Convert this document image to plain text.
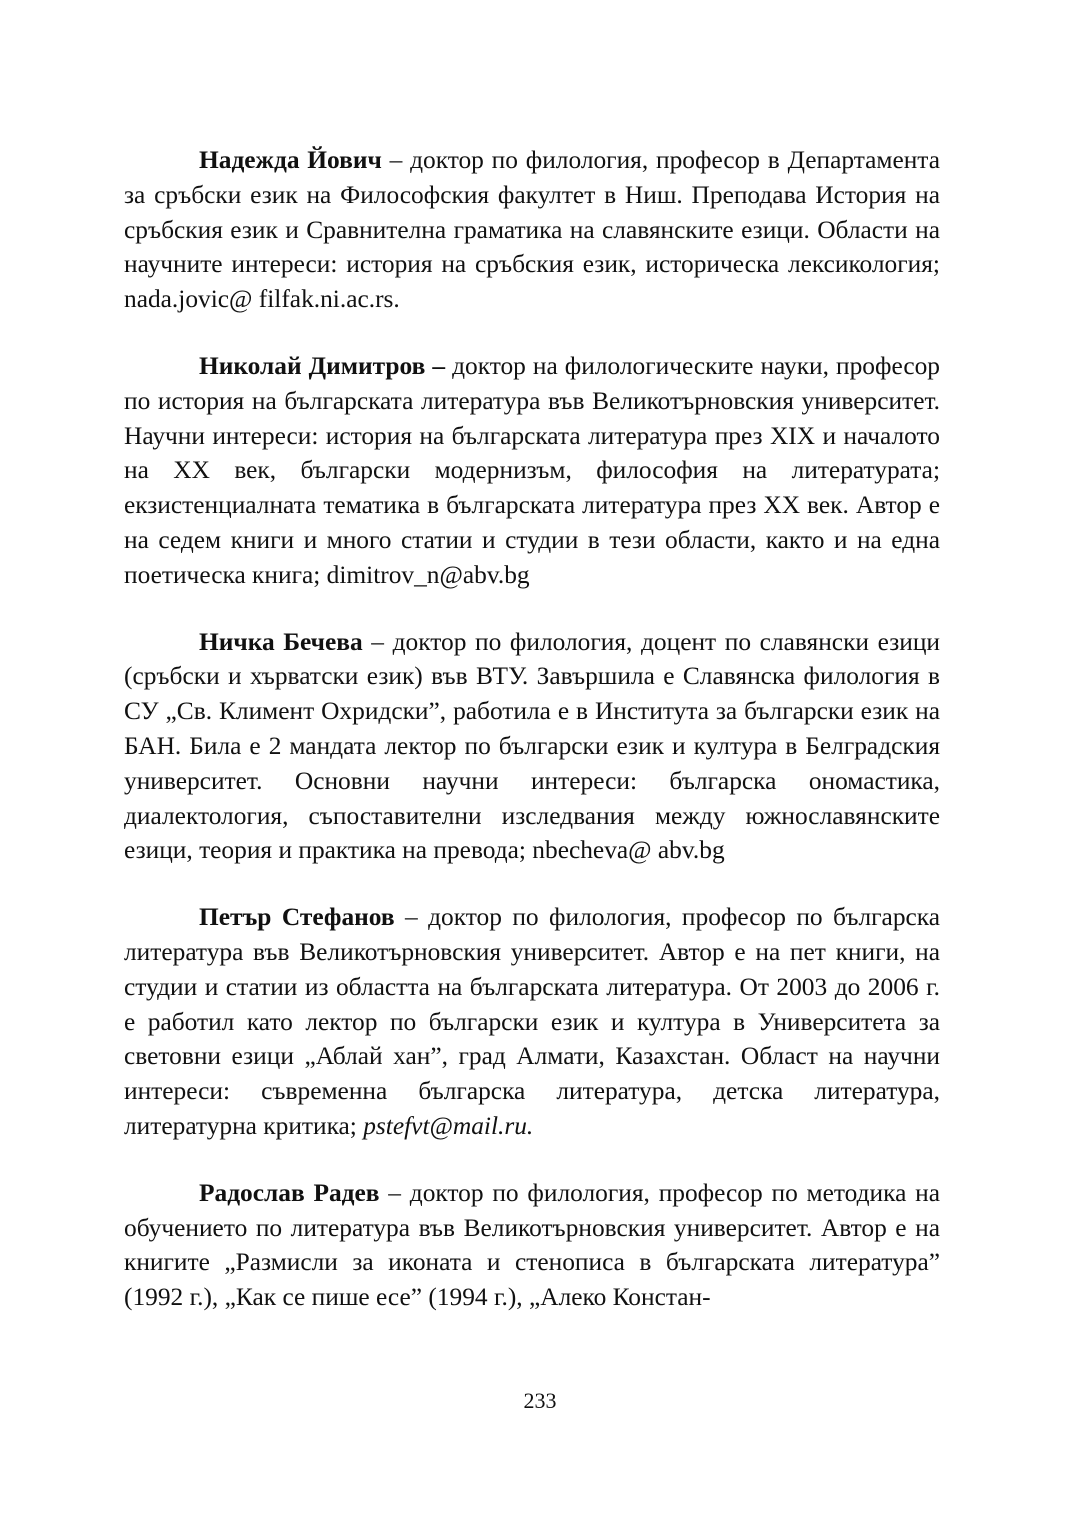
Надежда Йович – доктор по филология, професор в Департамента за сръбски език на Философския факултет в Ниш. Преподава История на сръбския език и Сравнителна граматика на славянските езици. Области на научните интереси: история на сръбския език, историческа лексикология; nada.jovic@ filfak.ni.ac.rs.

Николай Димитров – доктор на филологическите науки, професор по история на българската литература във Великотърновския университет. Научни интереси: история на българската литература през XIX и началото на XX век, български модернизъм, философия на литературата; екзистенциалната тематика в българската литература през XX век. Автор е на седем книги и много статии и студии в тези области, както и на една поетическа книга; dimitrov_n@abv.bg

Ничка Бечева – доктор по филология, доцент по славянски езици (сръбски и хърватски език) във ВТУ. Завършила е Славянска филология в СУ „Св. Климент Охридски”, работила е в Института за български език на БАН. Била е 2 мандата лектор по български език и култура в Белградския университет. Основни научни интереси: българска ономастика, диалектология, съпоставителни изследвания между южнославянските езици, теория и практика на превода; nbecheva@ abv.bg

Петър Стефанов – доктор по филология, професор по българска литература във Великотърновския университет. Автор е на пет книги, на студии и статии из областта на българската литература. От 2003 до 2006 г. е работил като лектор по български език и култура в Университета за световни езици „Аблай хан”, град Алмати, Казахстан. Област на научни интереси: съвременна българска литература, детска литература, литературна критика; pstefvt@mail.ru.

Радослав Радев – доктор по филология, професор по методика на обучението по литература във Великотърновския университет. Автор е на книгите „Размисли за иконата и стенописа в българската литература” (1992 г.), „Как се пише есе” (1994 г.), „Алеко Констан-

233
